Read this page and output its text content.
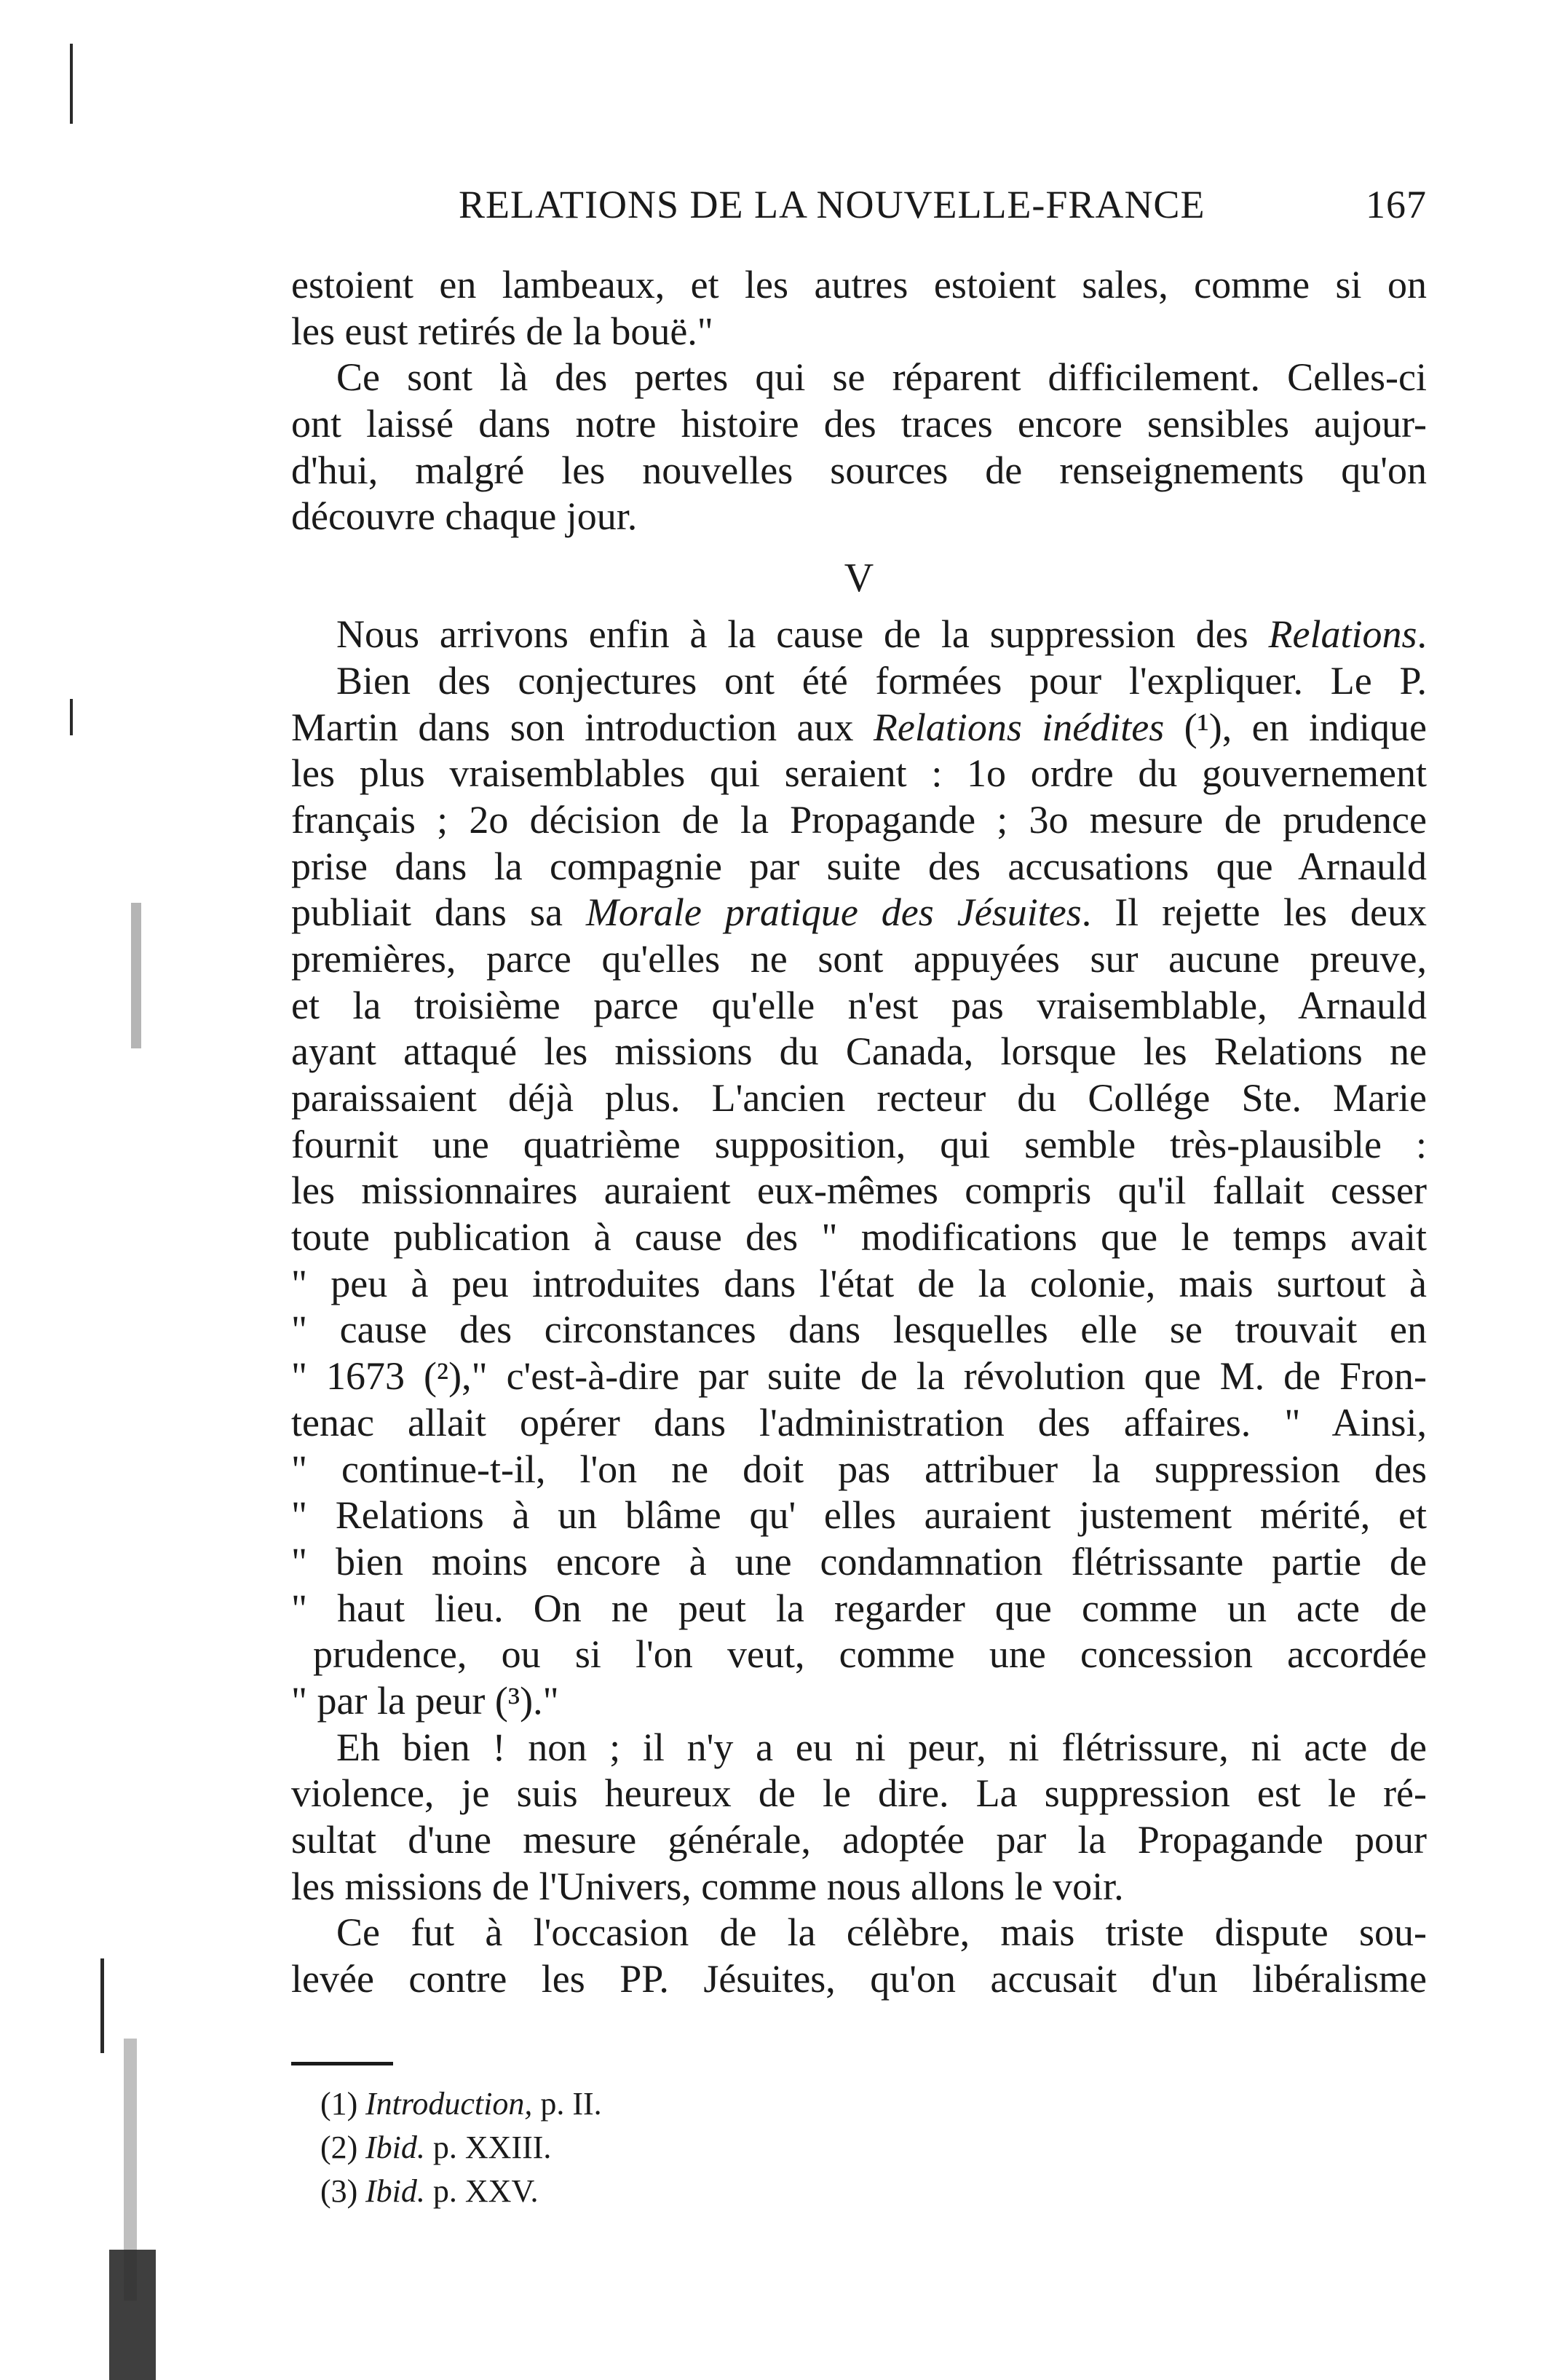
RELATIONS DE LA NOUVELLE-FRANCE	167
estoient en lambeaux, et les autres estoient sales, comme si on
les eust retirés de la bouë."
Ce sont là des pertes qui se réparent difficilement. Celles-ci
ont laissé dans notre histoire des traces encore sensibles aujour-
d'hui, malgré les nouvelles sources de renseignements qu'on
découvre chaque jour.
V
Nous arrivons enfin à la cause de la suppression des Relations.
Bien des conjectures ont été formées pour l'expliquer. Le P.
Martin dans son introduction aux Relations inédites (¹), en indique
les plus vraisemblables qui seraient : 1o ordre du gouvernement
français ; 2o décision de la Propagande ; 3o mesure de prudence
prise dans la compagnie par suite des accusations que Arnauld
publiait dans sa Morale pratique des Jésuites. Il rejette les deux
premières, parce qu'elles ne sont appuyées sur aucune preuve,
et la troisième parce qu'elle n'est pas vraisemblable, Arnauld
ayant attaqué les missions du Canada, lorsque les Relations ne
paraissaient déjà plus. L'ancien recteur du Collége Ste. Marie
fournit une quatrième supposition, qui semble très-plausible :
les missionnaires auraient eux-mêmes compris qu'il fallait cesser
toute publication à cause des " modifications que le temps avait
" peu à peu introduites dans l'état de la colonie, mais surtout à
" cause des circonstances dans lesquelles elle se trouvait en
" 1673 (²)," c'est-à-dire par suite de la révolution que M. de Fron-
tenac allait opérer dans l'administration des affaires. " Ainsi,
" continue-t-il, l'on ne doit pas attribuer la suppression des
" Relations à un blâme qu' elles auraient justement mérité, et
" bien moins encore à une condamnation flétrissante partie de
" haut lieu. On ne peut la regarder que comme un acte de
prudence, ou si l'on veut, comme une concession accordée
" par la peur (³)."
Eh bien ! non ; il n'y a eu ni peur, ni flétrissure, ni acte de
violence, je suis heureux de le dire. La suppression est le ré-
sultat d'une mesure générale, adoptée par la Propagande pour
les missions de l'Univers, comme nous allons le voir.
Ce fut à l'occasion de la célèbre, mais triste dispute sou-
levée contre les PP. Jésuites, qu'on accusait d'un libéralisme
(1) Introduction, p. II.
(2) Ibid. p. XXIII.
(3) Ibid. p. XXV.
